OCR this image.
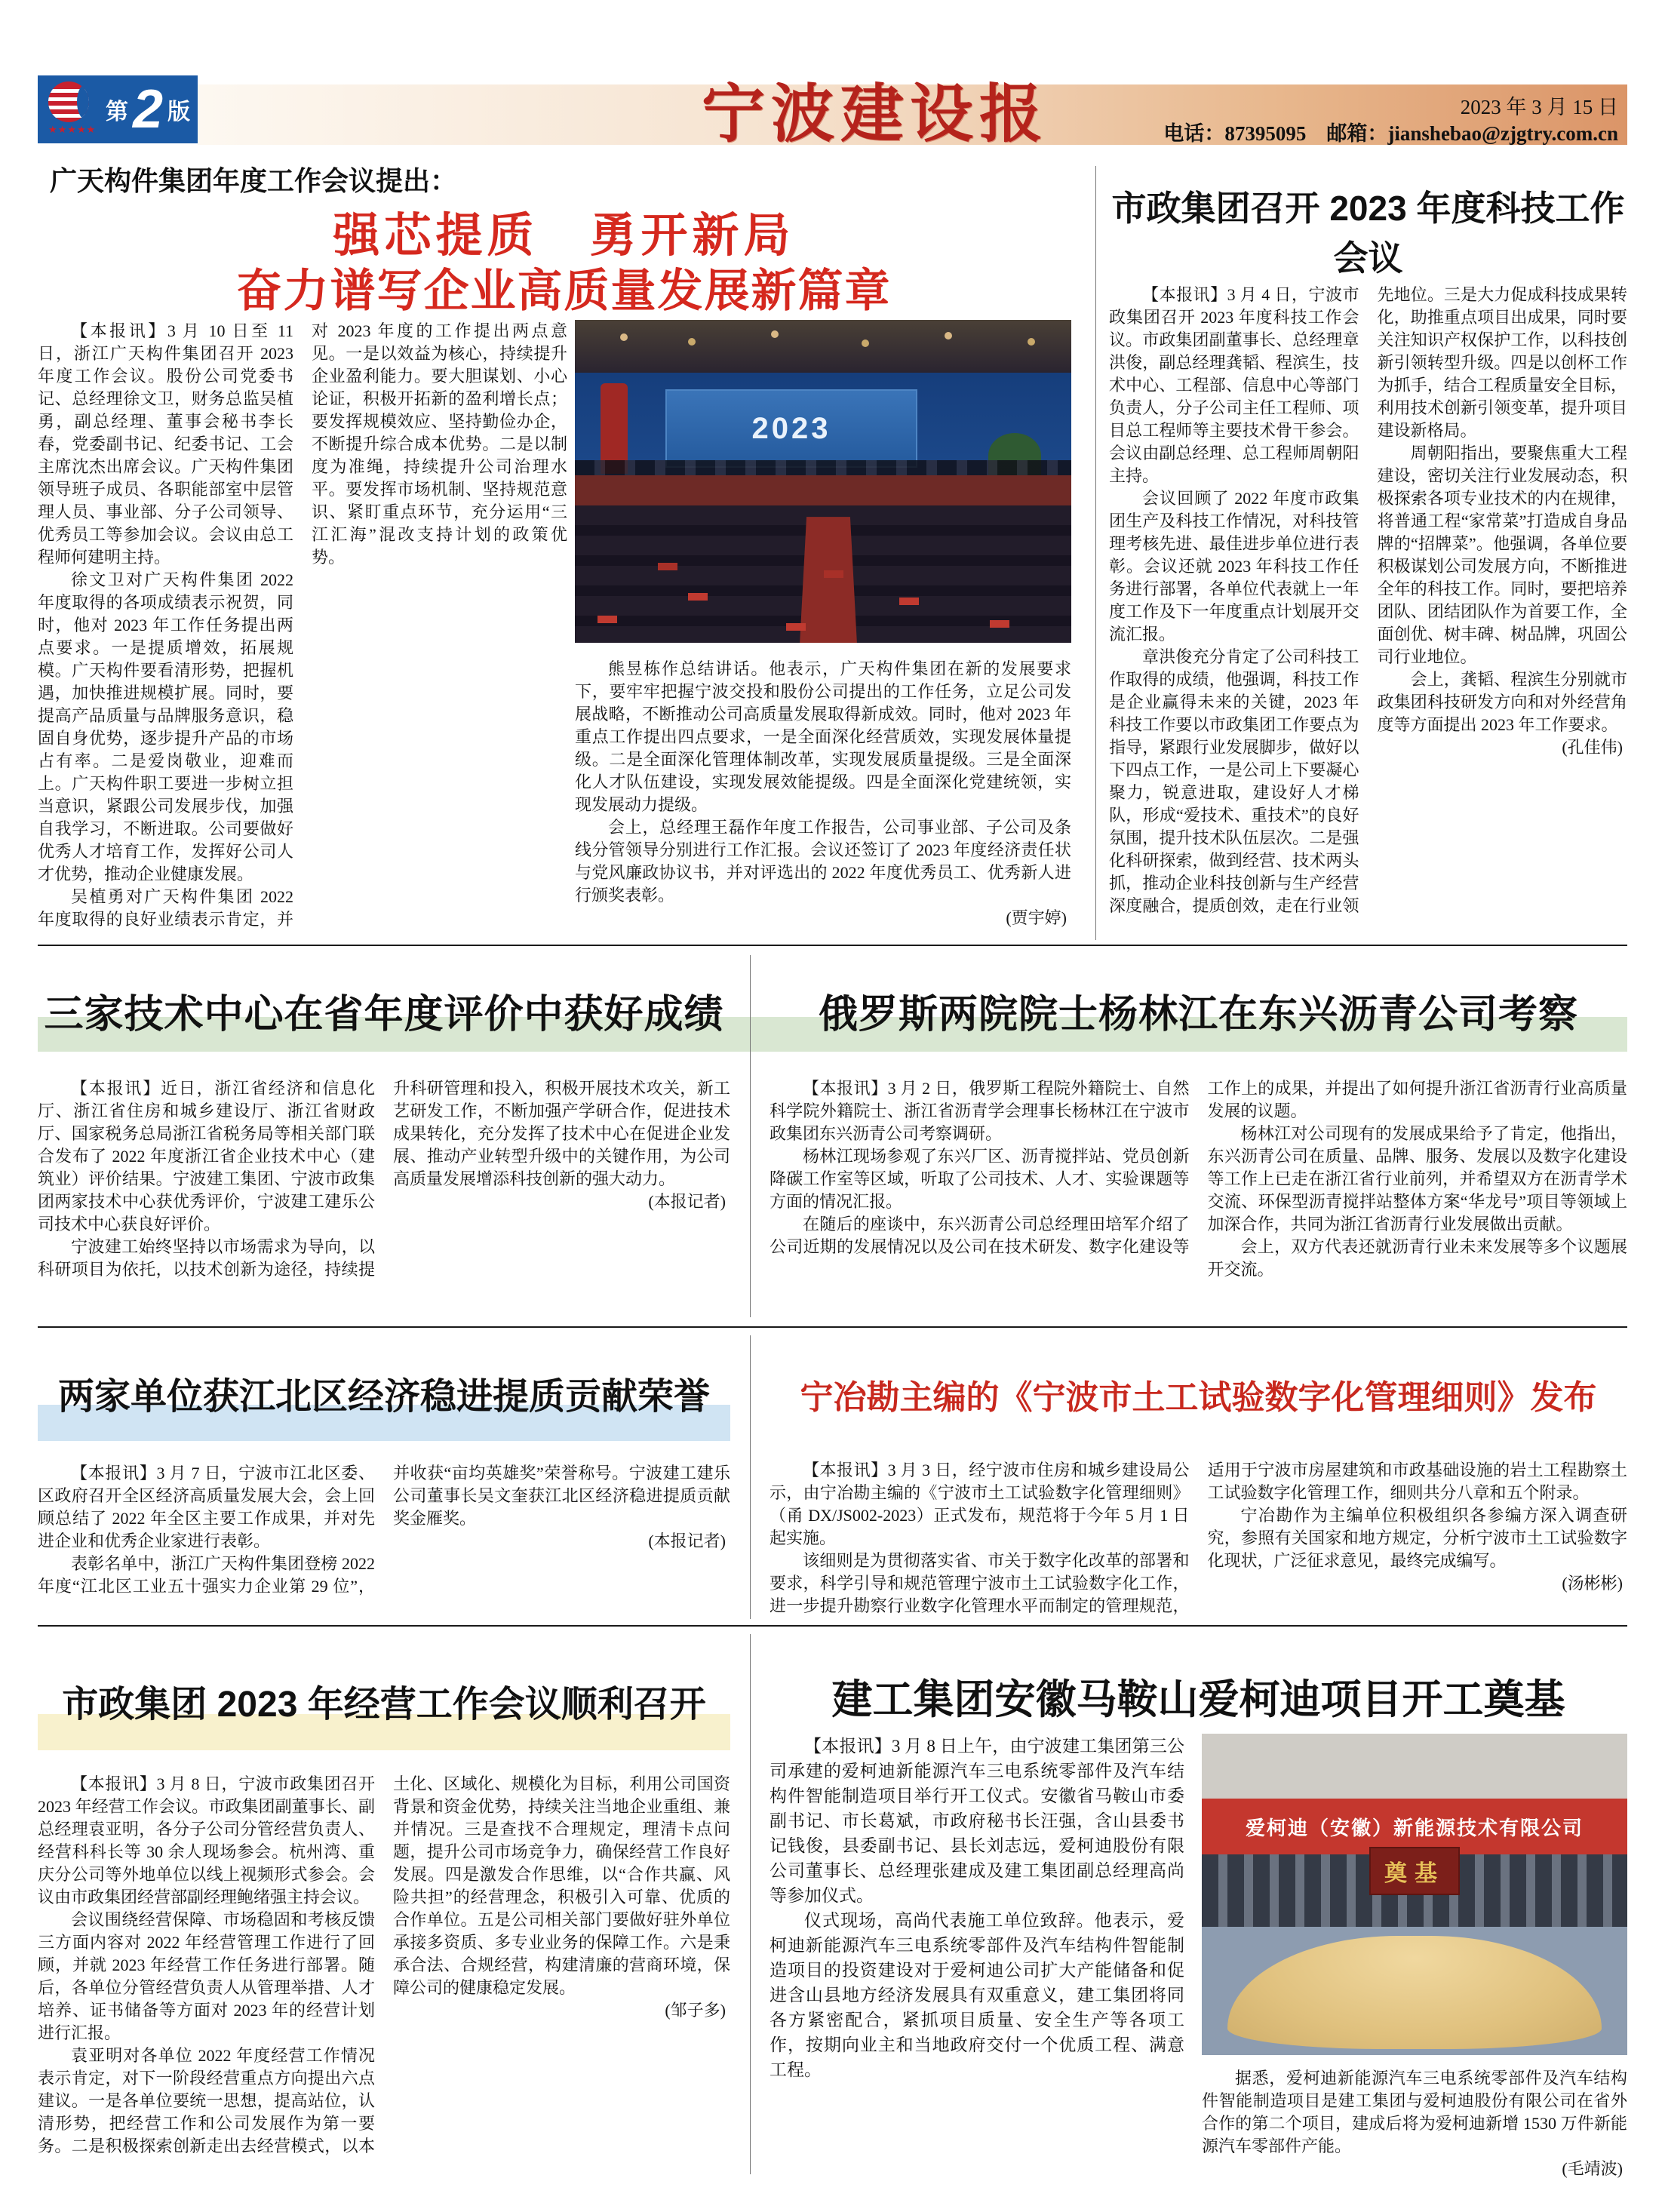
★★★★★
第 2 版	宁波建设报	2023 年 3 月 15 日
电话：87395095　邮箱：jianshebao@zjgtry.com.cn
广天构件集团年度工作会议提出：
强芯提质　勇开新局
奋力谱写企业高质量发展新篇章

【本报讯】3 月 10 日至 11 日，浙江广天构件集团召开 2023 年度工作会议。股份公司党委书记、总经理徐文卫，财务总监吴植勇，副总经理、董事会秘书李长春，党委副书记、纪委书记、工会主席沈杰出席会议。广天构件集团领导班子成员、各职能部室中层管理人员、事业部、分子公司领导、优秀员工等参加会议。会议由总工程师何建明主持。

徐文卫对广天构件集团 2022 年度取得的各项成绩表示祝贺，同时，他对 2023 年工作任务提出两点要求。一是提质增效，拓展规模。广天构件要看清形势，把握机遇，加快推进规模扩展。同时，要提高产品质量与品牌服务意识，稳固自身优势，逐步提升产品的市场占有率。二是爱岗敬业，迎难而上。广天构件职工要进一步树立担当意识，紧跟公司发展步伐，加强自我学习，不断进取。公司要做好优秀人才培育工作，发挥好公司人才优势，推动企业健康发展。

吴植勇对广天构件集团 2022 年度取得的良好业绩表示肯定，并对 2023 年度的工作提出两点意见。一是以效益为核心，持续提升企业盈利能力。要大胆谋划、小心论证，积极开拓新的盈利增长点；要发挥规模效应、坚持勤俭办企，不断提升综合成本优势。二是以制度为准绳，持续提升公司治理水平。要发挥市场机制、坚持规范意识、紧盯重点环节，充分运用“三江汇海”混改支持计划的政策优势。

2023

熊昱栋作总结讲话。他表示，广天构件集团在新的发展要求下，要牢牢把握宁波交投和股份公司提出的工作任务，立足公司发展战略，不断推动公司高质量发展取得新成效。同时，他对 2023 年重点工作提出四点要求，一是全面深化经营质效，实现发展体量提级。二是全面深化管理体制改革，实现发展质量提级。三是全面深化人才队伍建设，实现发展效能提级。四是全面深化党建统领，实现发展动力提级。

会上，总经理王磊作年度工作报告，公司事业部、子公司及条线分管领导分别进行工作汇报。会议还签订了 2023 年度经济责任状与党风廉政协议书，并对评选出的 2022 年度优秀员工、优秀新人进行颁奖表彰。

(贾宇婷)
市政集团召开 2023 年度科技工作会议

【本报讯】3 月 4 日，宁波市政集团召开 2023 年度科技工作会议。市政集团副董事长、总经理章洪俊，副总经理龚韬、程滨生，技术中心、工程部、信息中心等部门负责人，分子公司主任工程师、项目总工程师等主要技术骨干参会。会议由副总经理、总工程师周朝阳主持。

会议回顾了 2022 年度市政集团生产及科技工作情况，对科技管理考核先进、最佳进步单位进行表彰。会议还就 2023 年科技工作任务进行部署，各单位代表就上一年度工作及下一年度重点计划展开交流汇报。

章洪俊充分肯定了公司科技工作取得的成绩，他强调，科技工作是企业赢得未来的关键，2023 年科技工作要以市政集团工作要点为指导，紧跟行业发展脚步，做好以下四点工作，一是公司上下要凝心聚力，锐意进取，建设好人才梯队，形成“爱技术、重技术”的良好氛围，提升技术队伍层次。二是强化科研探索，做到经营、技术两头抓，推动企业科技创新与生产经营深度融合，提质创效，走在行业领先地位。三是大力促成科技成果转化，助推重点项目出成果，同时要关注知识产权保护工作，以科技创新引领转型升级。四是以创杯工作为抓手，结合工程质量安全目标，利用技术创新引领变革，提升项目建设新格局。

周朝阳指出，要聚焦重大工程建设，密切关注行业发展动态，积极探索各项专业技术的内在规律，将普通工程“家常菜”打造成自身品牌的“招牌菜”。他强调，各单位要积极谋划公司发展方向，不断推进全年的科技工作。同时，要把培养团队、团结团队作为首要工作，全面创优、树丰碑、树品牌，巩固公司行业地位。

会上，龚韬、程滨生分别就市政集团科技研发方向和对外经营角度等方面提出 2023 年工作要求。

(孔佳伟)
三家技术中心在省年度评价中获好成绩	俄罗斯两院院士杨林江在东兴沥青公司考察

【本报讯】近日，浙江省经济和信息化厅、浙江省住房和城乡建设厅、浙江省财政厅、国家税务总局浙江省税务局等相关部门联合发布了 2022 年度浙江省企业技术中心（建筑业）评价结果。宁波建工集团、宁波市政集团两家技术中心获优秀评价，宁波建工建乐公司技术中心获良好评价。

宁波建工始终坚持以市场需求为导向，以科研项目为依托，以技术创新为途径，持续提升科研管理和投入，积极开展技术攻关，新工艺研发工作，不断加强产学研合作，促进技术成果转化，充分发挥了技术中心在促进企业发展、推动产业转型升级中的关键作用，为公司高质量发展增添科技创新的强大动力。

(本报记者)

【本报讯】3 月 2 日，俄罗斯工程院外籍院士、自然科学院外籍院士、浙江省沥青学会理事长杨林江在宁波市政集团东兴沥青公司考察调研。

杨林江现场参观了东兴厂区、沥青搅拌站、党员创新降碳工作室等区域，听取了公司技术、人才、实验课题等方面的情况汇报。

在随后的座谈中，东兴沥青公司总经理田培军介绍了公司近期的发展情况以及公司在技术研发、数字化建设等工作上的成果，并提出了如何提升浙江省沥青行业高质量发展的议题。

杨林江对公司现有的发展成果给予了肯定，他指出，东兴沥青公司在质量、品牌、服务、发展以及数字化建设等工作上已走在浙江省行业前列，并希望双方在沥青学术交流、环保型沥青搅拌站整体方案“华龙号”项目等领域上加深合作，共同为浙江省沥青行业发展做出贡献。

会上，双方代表还就沥青行业未来发展等多个议题展开交流。

两家单位获江北区经济稳进提质贡献荣誉

【本报讯】3 月 7 日，宁波市江北区委、区政府召开全区经济高质量发展大会，会上回顾总结了 2022 年全区主要工作成果，并对先进企业和优秀企业家进行表彰。

表彰名单中，浙江广天构件集团登榜 2022 年度“江北区工业五十强实力企业第 29 位”，并收获“亩均英雄奖”荣誉称号。宁波建工建乐公司董事长吴文奎获江北区经济稳进提质贡献奖金雁奖。

(本报记者)
宁冶勘主编的《宁波市土工试验数字化管理细则》发布

【本报讯】3 月 3 日，经宁波市住房和城乡建设局公示，由宁冶勘主编的《宁波市土工试验数字化管理细则》（甬 DX/JS002-2023）正式发布，规范将于今年 5 月 1 日起实施。

该细则是为贯彻落实省、市关于数字化改革的部署和要求，科学引导和规范管理宁波市土工试验数字化工作，进一步提升勘察行业数字化管理水平而制定的管理规范，适用于宁波市房屋建筑和市政基础设施的岩土工程勘察土工试验数字化管理工作，细则共分八章和五个附录。

宁冶勘作为主编单位积极组织各参编方深入调查研究，参照有关国家和地方规定，分析宁波市土工试验数字化现状，广泛征求意见，最终完成编写。

(汤彬彬)
市政集团 2023 年经营工作会议顺利召开

【本报讯】3 月 8 日，宁波市政集团召开 2023 年经营工作会议。市政集团副董事长、副总经理袁亚明，各分子公司分管经营负责人、经营科科长等 30 余人现场参会。杭州湾、重庆分公司等外地单位以线上视频形式参会。会议由市政集团经营部副经理鲍绪强主持会议。

会议围绕经营保障、市场稳固和考核反馈三方面内容对 2022 年经营管理工作进行了回顾，并就 2023 年经营工作任务进行部署。随后，各单位分管经营负责人从管理举措、人才培养、证书储备等方面对 2023 年的经营计划进行汇报。

袁亚明对各单位 2022 年度经营工作情况表示肯定，对下一阶段经营重点方向提出六点建议。一是各单位要统一思想，提高站位，认清形势，把经营工作和公司发展作为第一要务。二是积极探索创新走出去经营模式，以本土化、区域化、规模化为目标，利用公司国资背景和资金优势，持续关注当地企业重组、兼并情况。三是查找不合理规定，理清卡点问题，提升公司市场竞争力，确保经营工作良好发展。四是激发合作思维，以“合作共赢、风险共担”的经营理念，积极引入可靠、优质的合作单位。五是公司相关部门要做好驻外单位承接多资质、多专业业务的保障工作。六是秉承合法、合规经营，构建清廉的营商环境，保障公司的健康稳定发展。

(邹子多)
建工集团安徽马鞍山爱柯迪项目开工奠基

【本报讯】3 月 8 日上午，由宁波建工集团第三公司承建的爱柯迪新能源汽车三电系统零部件及汽车结构件智能制造项目举行开工仪式。安徽省马鞍山市委副书记、市长葛斌，市政府秘书长汪强，含山县委书记钱俊，县委副书记、县长刘志远，爱柯迪股份有限公司董事长、总经理张建成及建工集团副总经理高尚等参加仪式。

仪式现场，高尚代表施工单位致辞。他表示，爱柯迪新能源汽车三电系统零部件及汽车结构件智能制造项目的投资建设对于爱柯迪公司扩大产能储备和促进含山县地方经济发展具有双重意义，建工集团将同各方紧密配合，紧抓项目质量、安全生产等各项工作，按期向业主和当地政府交付一个优质工程、满意工程。

爱柯迪（安徽）新能源技术有限公司
奠基

据悉，爱柯迪新能源汽车三电系统零部件及汽车结构件智能制造项目是建工集团与爱柯迪股份有限公司在省外合作的第二个项目，建成后将为爱柯迪新增 1530 万件新能源汽车零部件产能。

(毛靖波)
